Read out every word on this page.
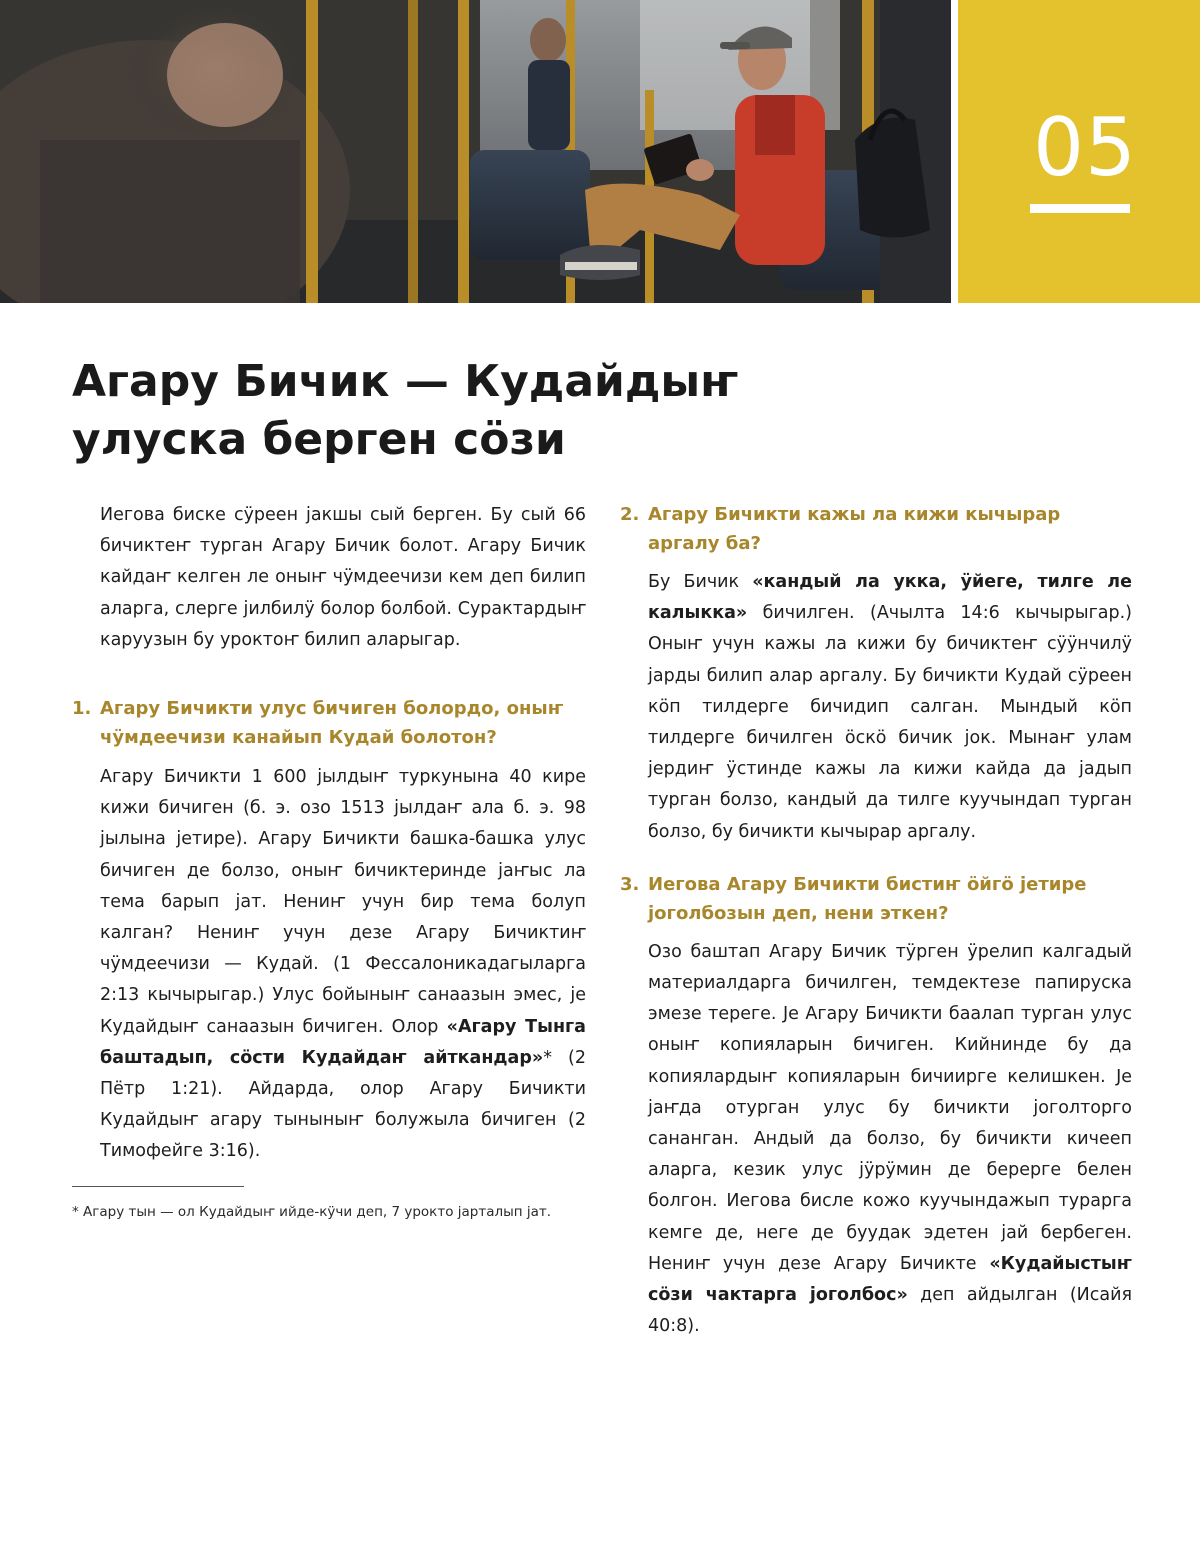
05
Агару Бичик — Кудайдыҥ
улуска берген сӧзи

Иегова биске сӱреен јакшы сый берген. Бу сый 66 бичиктеҥ турган Агару Бичик болот. Агару Бичик кайдаҥ келген ле оныҥ чӱмдеечизи кем деп билип аларга, слерге јилбилӱ болор болбой. Сурактардыҥ каруузын бу уроктоҥ билип аларыгар.

1. Агару Бичикти улус бичиген болордо, оныҥ чӱмдеечизи канайып Кудай болотон?

Агару Бичикти 1 600 јылдыҥ туркунына 40 кире кижи бичиген (б. э. озо 1513 јылдаҥ ала б. э. 98 јылына јетире). Агару Бичикти башка-башка улус бичиген де болзо, оныҥ бичиктеринде јаҥыс ла тема барып јат. Нениҥ учун бир тема болуп калган? Нениҥ учун дезе Агару Бичиктиҥ чӱмдеечизи — Кудай. (1 Фессалоникадагыларга 2:13 кычырыгар.) Улус бойыныҥ санаазын эмес, је Кудайдыҥ санаазын бичиген. Олор «Агару Тынга баштадып, сӧсти Кудайдаҥ айткандар»* (2 Пётр 1:21). Айдарда, олор Агару Бичикти Кудайдыҥ агару тыныныҥ болужыла бичиген (2 Тимофейге 3:16).

* Агару тын — ол Кудайдыҥ ийде-кӱчи деп, 7 урокто јарталып јат.

2. Агару Бичикти кажы ла кижи кычырар аргалу ба?

Бу Бичик «кандый ла укка, ӱйеге, тилге ле калыкка» бичилген. (Ачылта 14:6 кычырыгар.) Оныҥ учун кажы ла кижи бу бичиктеҥ сӱӱнчилӱ јарды билип алар аргалу. Бу бичикти Кудай сӱреен кӧп тилдерге бичидип салган. Мындый кӧп тилдерге бичилген ӧскӧ бичик јок. Мынаҥ улам јердиҥ ӱстинде кажы ла кижи кайда да јадып турган болзо, кандый да тилге куучындап турган болзо, бу бичикти кычырар аргалу.

3. Иегова Агару Бичикти бистиҥ ӧйгӧ јетире јоголбозын деп, нени эткен?

Озо баштап Агару Бичик тӱрген ӱрелип калгадый материалдарга бичилген, темдектезе папируска эмезе тереге. Је Агару Бичикти баалап турган улус оныҥ копияларын бичиген. Кийнинде бу да копиялардыҥ копияларын бичиирге келишкен. Је јаҥда отурган улус бу бичикти јоголторго сананган. Андый да болзо, бу бичикти кичееп аларга, кезик улус јӱрӱмин де берерге белен болгон. Иегова бисле кожо куучындажып турарга кемге де, неге де буудак эдетен јай бербеген. Нениҥ учун дезе Агару Бичикте «Кудайыстыҥ сӧзи чактарга јоголбос» деп айдылган (Исайя 40:8).
